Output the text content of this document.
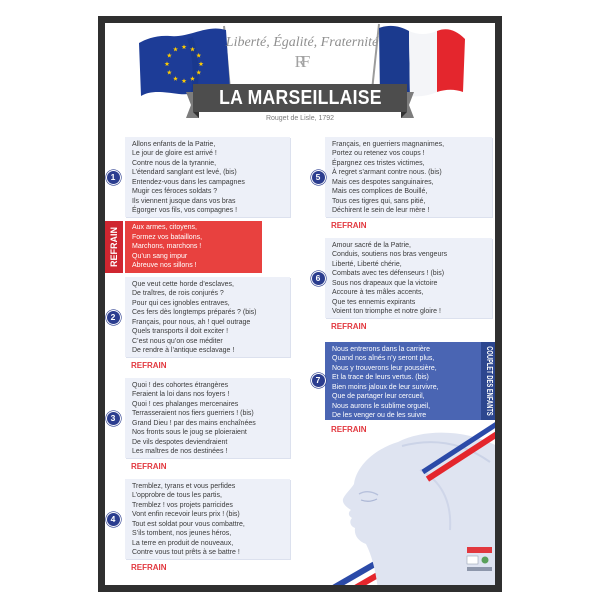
Liberté, Égalité, Fraternité
RF
LA MARSEILLAISE
Rouget de Lisle, 1792
Allons enfants de la Patrie,
Le jour de gloire est arrivé !
Contre nous de la tyrannie,
L’étendard sanglant est levé, (bis)
Entendez-vous dans les campagnes
Mugir ces féroces soldats ?
Ils viennent jusque dans vos bras
Égorger vos fils, vos compagnes !
1
REFRAIN Aux armes, citoyens,
Formez vos bataillons,
Marchons, marchons !
Qu’un sang impur
Abreuve nos sillons !
Que veut cette horde d’esclaves,
De traîtres, de rois conjurés ?
Pour qui ces ignobles entraves,
Ces fers dès longtemps préparés ? (bis)
Français, pour nous, ah ! quel outrage
Quels transports il doit exciter !
C’est nous qu’on ose méditer
De rendre à l’antique esclavage !
2
REFRAIN
Quoi ! des cohortes étrangères
Feraient la loi dans nos foyers !
Quoi ! ces phalanges mercenaires
Terrasseraient nos fiers guerriers ! (bis)
Grand Dieu ! par des mains enchaînées
Nos fronts sous le joug se ploieraient
De vils despotes deviendraient
Les maîtres de nos destinées !
3
REFRAIN
Tremblez, tyrans et vous perfides
L’opprobre de tous les partis,
Tremblez ! vos projets parricides
Vont enfin recevoir leurs prix ! (bis)
Tout est soldat pour vous combattre,
S’ils tombent, nos jeunes héros,
La terre en produit de nouveaux,
Contre vous tout prêts à se battre !
4
REFRAIN
Français, en guerriers magnanimes,
Portez ou retenez vos coups !
Épargnez ces tristes victimes,
À regret s’armant contre nous. (bis)
Mais ces despotes sanguinaires,
Mais ces complices de Bouillé,
Tous ces tigres qui, sans pitié,
Déchirent le sein de leur mère !
5
REFRAIN
Amour sacré de la Patrie,
Conduis, soutiens nos bras vengeurs
Liberté, Liberté chérie,
Combats avec tes défenseurs ! (bis)
Sous nos drapeaux que la victoire
Accoure à tes mâles accents,
Que tes ennemis expirants
Voient ton triomphe et notre gloire !
6
REFRAIN
Nous entrerons dans la carrière
Quand nos aînés n’y seront plus,
Nous y trouverons leur poussière,
Et la trace de leurs vertus. (bis)
Bien moins jaloux de leur survivre,
Que de partager leur cercueil,
Nous aurons le sublime orgueil,
De les venger ou de les suivre	COUPLET DES ENFANTS
7
REFRAIN
